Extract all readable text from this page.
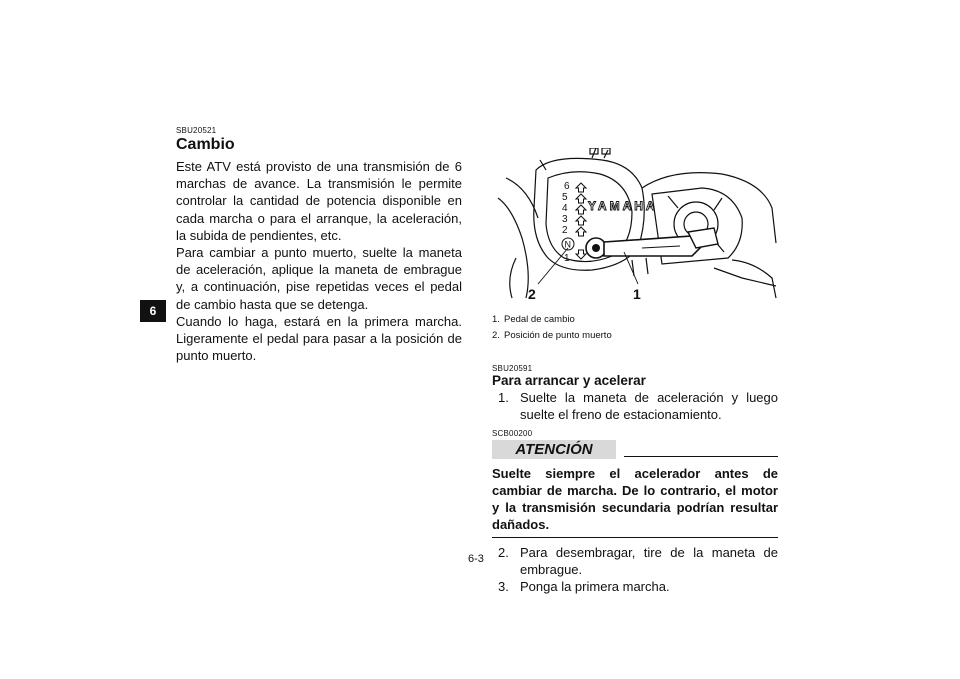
6
SBU20521
Cambio

Este ATV está provisto de una transmisión de 6 marchas de avance. La transmisión le permite controlar la cantidad de potencia disponible en cada marcha o para el arranque, la aceleración, la subida de pendientes, etc.

Para cambiar a punto muerto, suelte la maneta de aceleración, aplique la maneta de embrague y, a continuación, pise repetidas veces el pedal de cambio hasta que se detenga.

Cuando lo haga, estará en la primera marcha. Ligeramente el pedal para pasar a la posición de punto muerto.

6
5
4
3
2
N
1
YAMAHA
2	1
1. Pedal de cambio
2. Posición de punto muerto
SBU20591
Para arrancar y acelerar
1. Suelte la maneta de aceleración y luego suelte el freno de estacionamiento.
SCB00200
ATENCIÓN
Suelte siempre el acelerador antes de cambiar de marcha. De lo contrario, el motor y la transmisión secundaria podrían resultar dañados.
2. Para desembragar, tire de la maneta de embrague.
3. Ponga la primera marcha.
6-3
